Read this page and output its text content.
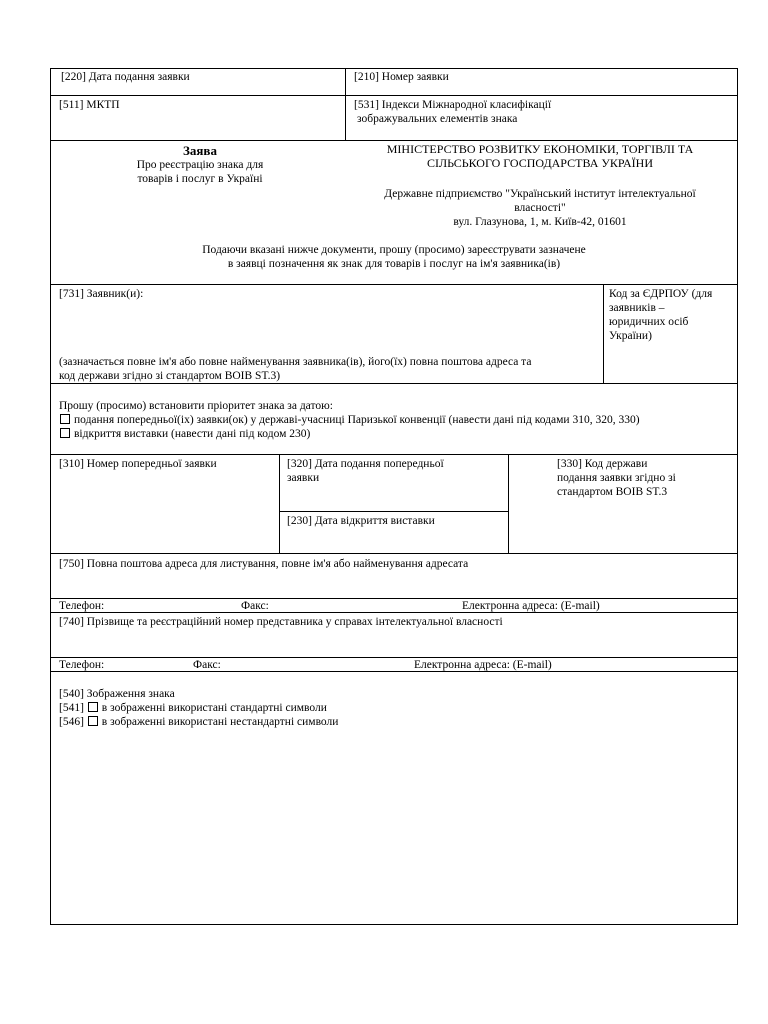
[220] Дата подання заявки	[210] Номер заявки
[511] МКТП	[531] Індекси Міжнародної класифікації
зображувальних елементів знака
Заява
Про реєстрацію знака для
товарів і послуг в Україні
МІНІСТЕРСТВО РОЗВИТКУ ЕКОНОМІКИ, ТОРГІВЛІ ТА
СІЛЬСЬКОГО ГОСПОДАРСТВА УКРАЇНИ
Державне підприємство "Український інститут інтелектуальної
власності"
вул. Глазунова, 1, м. Київ-42, 01601
Подаючи вказані нижче документи, прошу (просимо) зареєструвати зазначене
в заявці позначення як знак для товарів і послуг на ім'я заявника(ів)
[731] Заявник(и):
(зазначається повне ім'я або повне найменування заявника(ів), його(їх) повна поштова адреса та
код держави згідно зі стандартом ВОІВ ST.3)
Код за ЄДРПОУ (для
заявників –
юридичних осіб
України)
Прошу (просимо) встановити пріоритет знака за датою:
подання попередньої(іх) заявки(ок) у державі-учасниці Паризької конвенції (навести дані під кодами 310, 320, 330)
відкриття виставки (навести дані під кодом 230)
[310] Номер попередньої заявки	[320] Дата подання попередньої
заявки
[230] Дата відкриття виставки
[330] Код держави
подання заявки згідно зі
стандартом ВОІВ ST.3
[750] Повна поштова адреса для листування, повне ім'я або найменування адресата
Телефон:	Факс:	Електронна адреса: (E-mail)
[740] Прізвище та реєстраційний номер представника у справах інтелектуальної власності
Телефон:	Факс:	Електронна адреса: (E-mail)
[540] Зображення знака
[541] в зображенні використані стандартні символи
[546] в зображенні використані нестандартні символи
